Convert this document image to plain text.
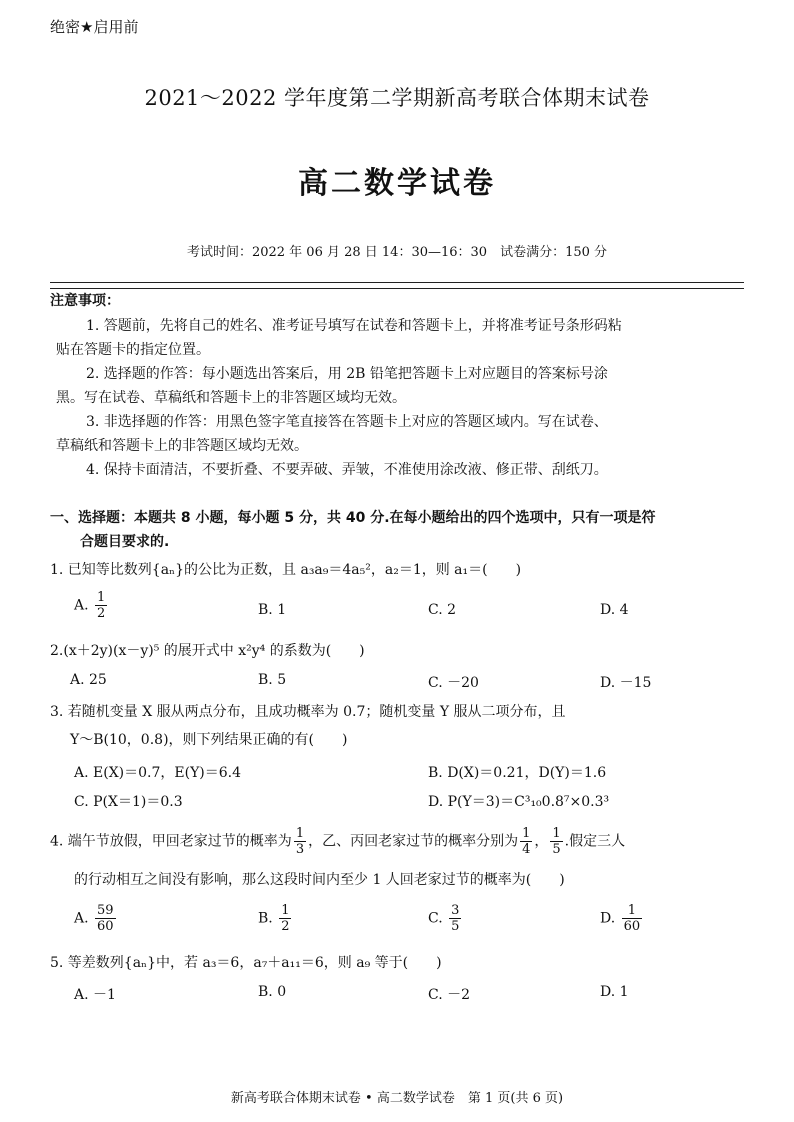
绝密★启用前
2021～2022 学年度第二学期新高考联合体期末试卷
高二数学试卷
考试时间：2022 年 06 月 28 日 14：30—16：30　试卷满分：150 分
注意事项：
1. 答题前，先将自己的姓名、准考证号填写在试卷和答题卡上，并将准考证号条形码粘
贴在答题卡的指定位置。
2. 选择题的作答：每小题选出答案后，用 2B 铅笔把答题卡上对应题目的答案标号涂
黑。写在试卷、草稿纸和答题卡上的非答题区域均无效。
3. 非选择题的作答：用黑色签字笔直接答在答题卡上对应的答题区域内。写在试卷、
草稿纸和答题卡上的非答题区域均无效。
4. 保持卡面清洁，不要折叠、不要弄破、弄皱，不准使用涂改液、修正带、刮纸刀。
一、选择题：本题共 8 小题，每小题 5 分，共 40 分.在每小题给出的四个选项中，只有一项是符
合题目要求的.
1. 已知等比数列{aₙ}的公比为正数，且 a₃a₉＝4a₅²，a₂＝1，则 a₁＝(　　)
A. $\frac{1}{2}$	B. 1	C. 2	D. 4
2.(x＋2y)(x－y)⁵ 的展开式中 x²y⁴ 的系数为(　　)
A. 25	B. 5	C. －20	D. －15
3. 若随机变量 X 服从两点分布，且成功概率为 0.7；随机变量 Y 服从二项分布，且
Y～B(10，0.8)，则下列结果正确的有(　　)
A. E(X)＝0.7，E(Y)＝6.4	B. D(X)＝0.21，D(Y)＝1.6
C. P(X＝1)＝0.3	D. P(Y＝3)＝C³₁₀0.8⁷×0.3³
4. 端午节放假，甲回老家过节的概率为 $\frac{1}{3}$ ，乙、丙回老家过节的概率分别为 $\frac{1}{4}$ ， $\frac{1}{5}$ .假定三人
的行动相互之间没有影响，那么这段时间内至少 1 人回老家过节的概率为(　　)
A. $\frac{59}{60}$	B. $\frac{1}{2}$	C. $\frac{3}{5}$	D. $\frac{1}{60}$
5. 等差数列{aₙ}中，若 a₃＝6，a₇＋a₁₁＝6，则 a₉ 等于(　　)
A. －1	B. 0	C. －2	D. 1
新高考联合体期末试卷 • 高二数学试卷　第 1 页(共 6 页)
